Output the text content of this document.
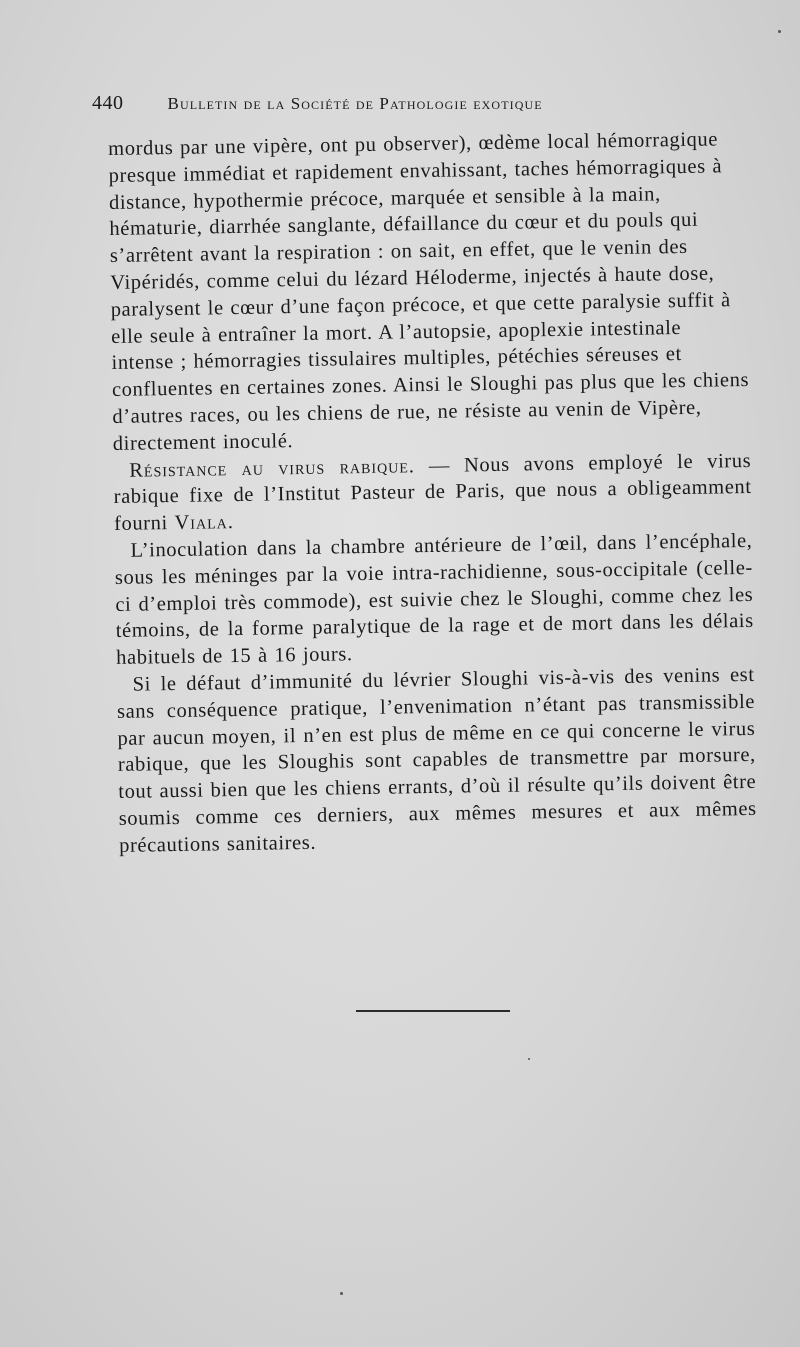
440	Bulletin de la Société de Pathologie exotique

mordus par une vipère, ont pu observer), œdème local hémorragique presque immédiat et rapidement envahissant, taches hémorragiques à distance, hypothermie précoce, marquée et sensible à la main, hématurie, diarrhée sanglante, défaillance du cœur et du pouls qui s’arrêtent avant la respiration : on sait, en effet, que le venin des Vipéridés, comme celui du lézard Héloderme, injectés à haute dose, paralysent le cœur d’une façon précoce, et que cette paralysie suffit à elle seule à entraîner la mort. A l’autopsie, apoplexie intestinale intense ; hémorragies tissulaires multiples, pétéchies séreuses et confluentes en certaines zones. Ainsi le Sloughi pas plus que les chiens d’autres races, ou les chiens de rue, ne résiste au venin de Vipère, directement inoculé.

Résistance au virus rabique. — Nous avons employé le virus rabique fixe de l’Institut Pasteur de Paris, que nous a obligeamment fourni Viala.

L’inoculation dans la chambre antérieure de l’œil, dans l’encéphale, sous les méninges par la voie intra-rachidienne, sous-occipitale (celle-ci d’emploi très commode), est suivie chez le Sloughi, comme chez les témoins, de la forme paralytique de la rage et de mort dans les délais habituels de 15 à 16 jours.

Si le défaut d’immunité du lévrier Sloughi vis-à-vis des venins est sans conséquence pratique, l’envenimation n’étant pas transmissible par aucun moyen, il n’en est plus de même en ce qui concerne le virus rabique, que les Sloughis sont capables de transmettre par morsure, tout aussi bien que les chiens errants, d’où il résulte qu’ils doivent être soumis comme ces derniers, aux mêmes mesures et aux mêmes précautions sanitaires.
